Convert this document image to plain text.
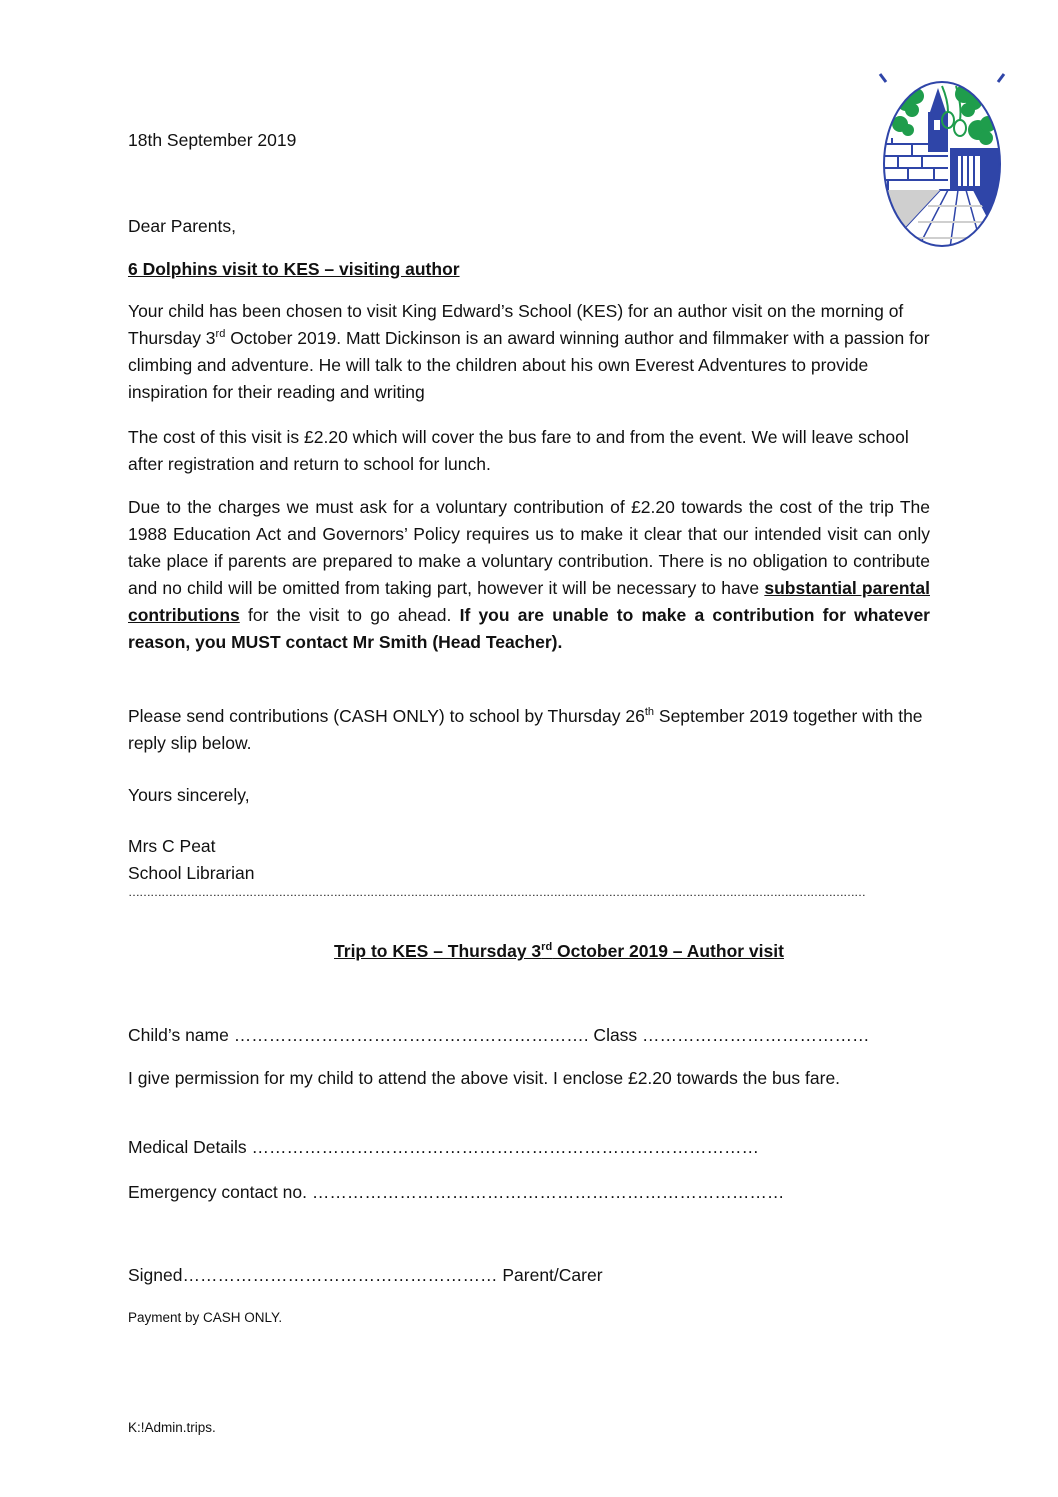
18th September 2019

Dear Parents,

6 Dolphins visit to KES – visiting author

Your child has been chosen to visit King Edward’s School (KES) for an author visit on the morning of Thursday 3rd October 2019. Matt Dickinson is an award winning author and filmmaker with a passion for climbing and adventure. He will talk to the children about his own Everest Adventures to provide inspiration for their reading and writing

The cost of this visit is £2.20 which will cover the bus fare to and from the event. We will leave school after registration and return to school for lunch.

Due to the charges we must ask for a voluntary contribution of £2.20 towards the cost of the trip The 1988 Education Act and Governors’ Policy requires us to make it clear that our intended visit can only take place if parents are prepared to make a voluntary contribution. There is no obligation to contribute and no child will be omitted from taking part, however it will be necessary to have substantial parental contributions for the visit to go ahead. If you are unable to make a contribution for whatever reason, you MUST contact Mr Smith (Head Teacher).

Please send contributions (CASH ONLY) to school by Thursday 26th September 2019 together with the reply slip below.

Yours sincerely,

Mrs C Peat

School Librarian

…………………………………………………………………………………………………………………………………………………………………………………

Trip to KES – Thursday 3rd October 2019 – Author visit

Child’s name ……………………………………………………. Class …………………………………

I give permission for my child to attend the above visit. I enclose £2.20 towards the bus fare.

Medical Details ……………………………………………………………………………

Emergency contact no. ………………………………………………………………………

Signed……………………………………………… Parent/Carer

Payment by CASH ONLY.

K:!Admin.trips.
